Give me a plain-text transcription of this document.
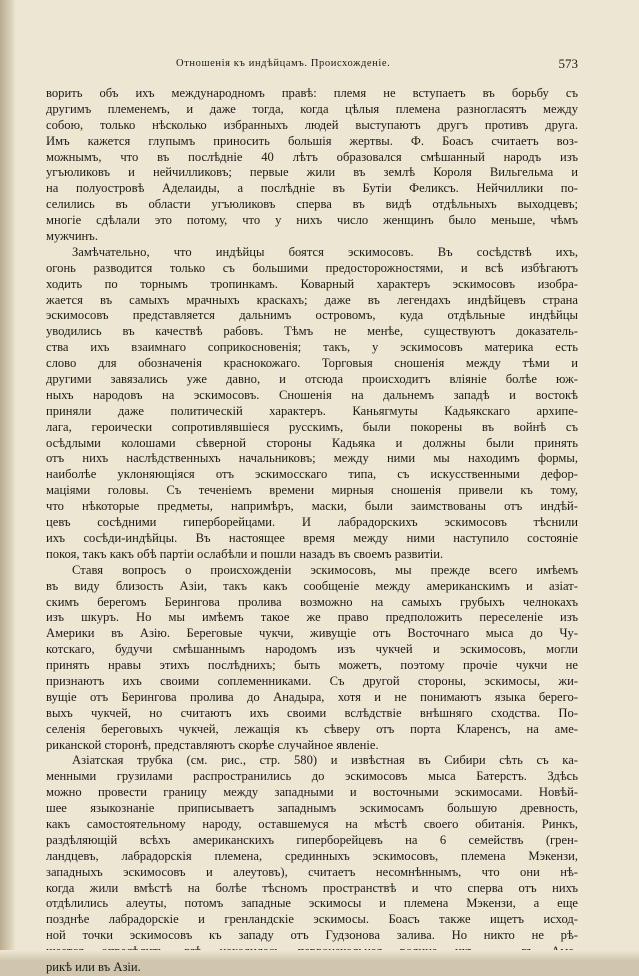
Отношенія къ индѣйцамъ. Происхожденіе.	573
ворить объ ихъ международномъ правѣ: племя не вступаетъ въ борьбу съ
другимъ племенемъ, и даже тогда, когда цѣлыя племена разногласятъ между
собою, только нѣсколько избранныхъ людей выступаютъ другъ противъ друга.
Имъ кажется глупымъ приносить большія жертвы. Ф. Боасъ считаетъ воз-
можнымъ, что въ послѣдніе 40 лѣтъ образовался смѣшанный народъ изъ
угъюликовъ и нейчилликовъ; первые жили въ землѣ Короля Вильгельма и
на полуостровѣ Аделаиды, а послѣдніе въ Бутіи Феликсъ. Нейчиллики по-
селились въ области угъюликовъ сперва въ видѣ отдѣльныхъ выходцевъ;
многіе сдѣлали это потому, что у нихъ число женщинъ было меньше, чѣмъ
мужчинъ.
Замѣчательно, что индѣйцы боятся эскимосовъ. Въ сосѣдствѣ ихъ,
огонь разводится только съ большими предосторожностями, и всѣ избѣгаютъ
ходить по торнымъ тропинкамъ. Коварный характеръ эскимосовъ изобра-
жается въ самыхъ мрачныхъ краскахъ; даже въ легендахъ индѣйцевъ страна
эскимосовъ представляется дальнимъ островомъ, куда отдѣльные индѣйцы
уводились въ качествѣ рабовъ. Тѣмъ не менѣе, существуютъ доказатель-
ства ихъ взаимнаго соприкосновенія; такъ, у эскимосовъ материка есть
слово для обозначенія краснокожаго. Торговыя сношенія между тѣми и
другими завязались уже давно, и отсюда происходитъ вліяніе болѣе юж-
ныхъ народовъ на эскимосовъ. Сношенія на дальнемъ западѣ и востокѣ
приняли даже политическій характеръ. Каньягмуты Кадьякскаго архипе-
лага, героически сопротивлявшіеся русскимъ, были покорены въ войнѣ съ
осѣдлыми колошами сѣверной стороны Кадьяка и должны были принять
отъ нихъ наслѣдственныхъ начальниковъ; между ними мы находимъ формы,
наиболѣе уклоняющіяся отъ эскимосскаго типа, съ искусственными дефор-
маціями головы. Съ теченіемъ времени мирныя сношенія привели къ тому,
что нѣкоторые предметы, напримѣръ, маски, были заимствованы отъ индѣй-
цевъ сосѣдними гиперборейцами. И лабрадорскихъ эскимосовъ тѣснили
ихъ сосѣди-индѣйцы. Въ настоящее время между ними наступило состояніе
покоя, такъ какъ обѣ партіи ослабѣли и пошли назадъ въ своемъ развитіи.
Ставя вопросъ о происхожденіи эскимосовъ, мы прежде всего имѣемъ
въ виду близость Азіи, такъ какъ сообщеніе между американскимъ и азіат-
скимъ берегомъ Берингова пролива возможно на самыхъ грубыхъ челнокахъ
изъ шкуръ. Но мы имѣемъ такое же право предположить переселеніе изъ
Америки въ Азію. Береговые чукчи, живущіе отъ Восточнаго мыса до Чу-
котскаго, будучи смѣшаннымъ народомъ изъ чукчей и эскимосовъ, могли
принять нравы этихъ послѣднихъ; быть можетъ, поэтому прочіе чукчи не
признаютъ ихъ своими соплеменниками. Съ другой стороны, эскимосы, жи-
вущіе отъ Берингова пролива до Анадыра, хотя и не понимаютъ языка берего-
выхъ чукчей, но считаютъ ихъ своими вслѣдствіе внѣшняго сходства. По-
селенія береговыхъ чукчей, лежащія къ сѣверу отъ порта Кларенсъ, на аме-
риканской сторонѣ, представляютъ скорѣе случайное явленіе.
Азіатская трубка (см. рис., стр. 580) и извѣстная въ Сибири сѣть съ ка-
менными грузилами распространились до эскимосовъ мыса Батерстъ. Здѣсь
можно провести границу между западными и восточными эскимосами. Новѣй-
шее языкознаніе приписываетъ западнымъ эскимосамъ большую древность,
какъ самостоятельному народу, оставшемуся на мѣстѣ своего обитанія. Ринкъ,
раздѣляющій всѣхъ американскихъ гиперборейцевъ на 6 семействъ (грен-
ландцевъ, лабрадорскія племена, срединныхъ эскимосовъ, племена Мэкензи,
западныхъ эскимосовъ и алеутовъ), считаетъ несомнѣннымъ, что они нѣ-
когда жили вмѣстѣ на болѣе тѣсномъ пространствѣ и что сперва отъ нихъ
отдѣлились алеуты, потомъ западные эскимосы и племена Мэкензи, а еще
позднѣе лабрадорскіе и гренландскіе эскимосы. Боасъ также ищетъ исход-
ной точки эскимосовъ къ западу отъ Гудзонова залива. Но никто не рѣ-
рикѣ или въ Азіи.
